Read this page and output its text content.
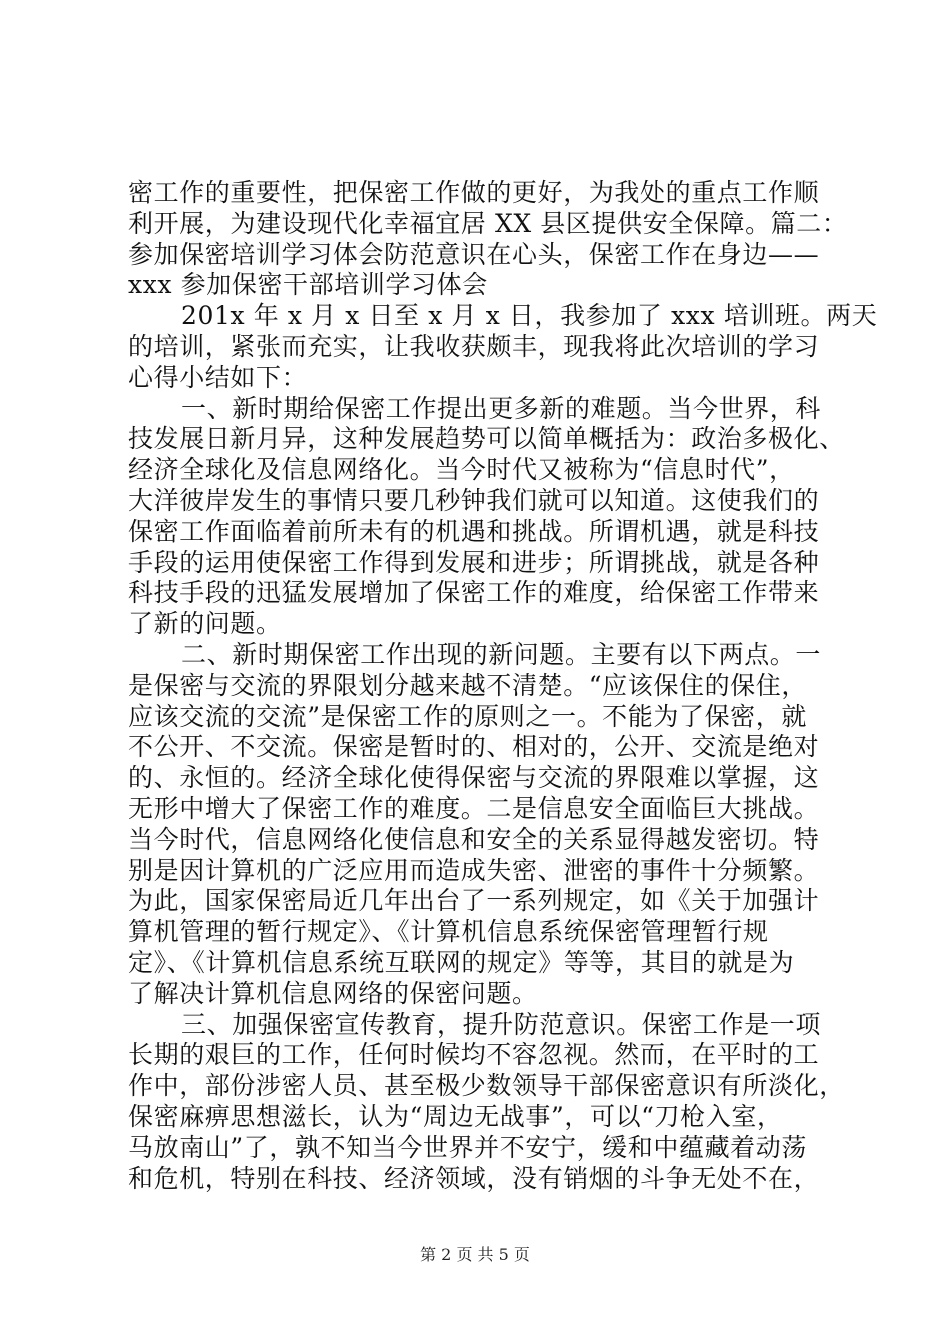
密工作的重要性，把保密工作做的更好，为我处的重点工作顺
利开展，为建设现代化幸福宜居 XX 县区提供安全保障。篇二：
参加保密培训学习体会防范意识在心头，保密工作在身边——
xxx 参加保密干部培训学习体会
201x 年 x 月 x 日至 x 月 x 日，我参加了 xxx 培训班。两天
的培训，紧张而充实，让我收获颇丰，现我将此次培训的学习
心得小结如下：
一、新时期给保密工作提出更多新的难题。当今世界，科
技发展日新月异，这种发展趋势可以简单概括为：政治多极化、
经济全球化及信息网络化。当今时代又被称为“信息时代”，
大洋彼岸发生的事情只要几秒钟我们就可以知道。这使我们的
保密工作面临着前所未有的机遇和挑战。所谓机遇，就是科技
手段的运用使保密工作得到发展和进步；所谓挑战，就是各种
科技手段的迅猛发展增加了保密工作的难度，给保密工作带来
了新的问题。
二、新时期保密工作出现的新问题。主要有以下两点。一
是保密与交流的界限划分越来越不清楚。“应该保住的保住，
应该交流的交流”是保密工作的原则之一。不能为了保密，就
不公开、不交流。保密是暂时的、相对的，公开、交流是绝对
的、永恒的。经济全球化使得保密与交流的界限难以掌握，这
无形中增大了保密工作的难度。二是信息安全面临巨大挑战。
当今时代，信息网络化使信息和安全的关系显得越发密切。特
别是因计算机的广泛应用而造成失密、泄密的事件十分频繁。
为此，国家保密局近几年出台了一系列规定，如《关于加强计
算机管理的暂行规定》、《计算机信息系统保密管理暂行规
定》、《计算机信息系统互联网的规定》等等，其目的就是为
了解决计算机信息网络的保密问题。
三、加强保密宣传教育，提升防范意识。保密工作是一项
长期的艰巨的工作，任何时候均不容忽视。然而，在平时的工
作中，部份涉密人员、甚至极少数领导干部保密意识有所淡化，
保密麻痹思想滋长，认为“周边无战事”，可以“刀枪入室，
马放南山”了，孰不知当今世界并不安宁，缓和中蕴藏着动荡
和危机，特别在科技、经济领域，没有销烟的斗争无处不在，
第 2 页 共 5 页
